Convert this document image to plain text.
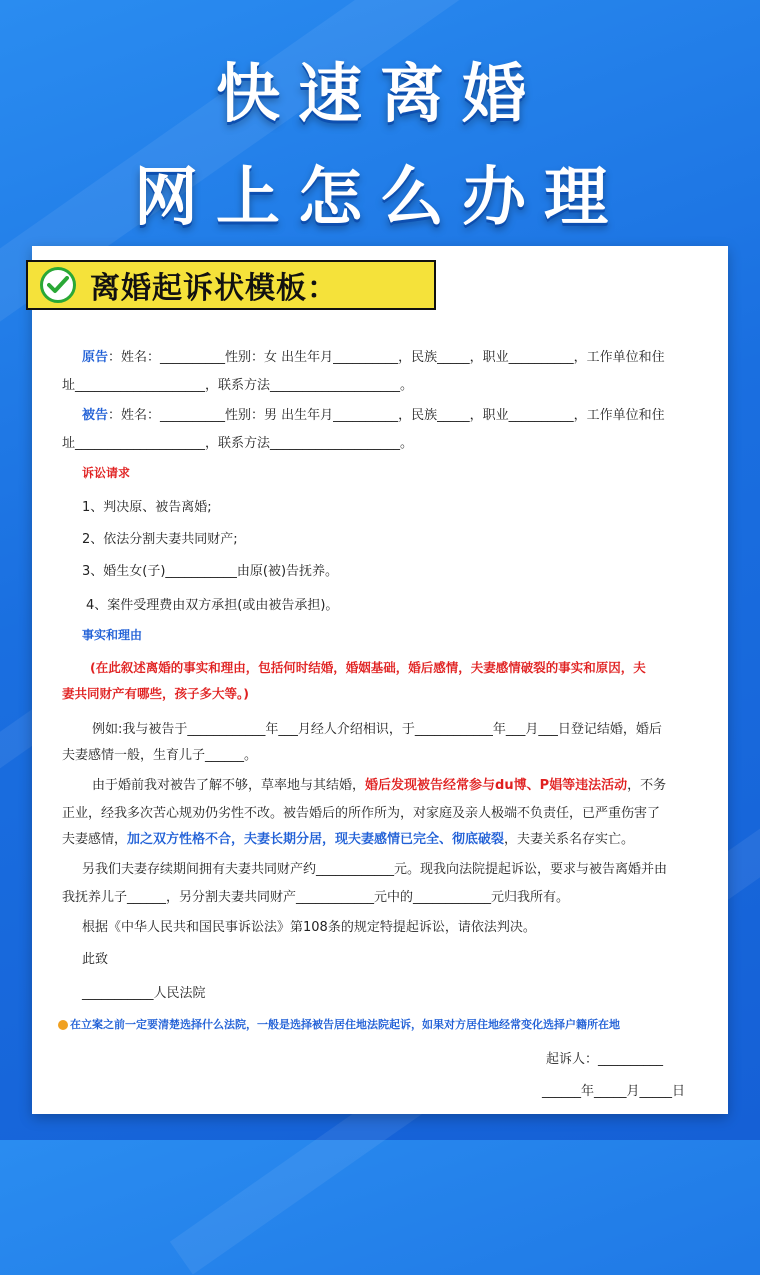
快速离婚
网上怎么办理
离婚起诉状模板：
原告：姓名：__________性别：女 出生年月__________，民族_____，职业__________，工作单位和住
址____________________，联系方法____________________。
被告：姓名：__________性别：男 出生年月__________，民族_____，职业__________，工作单位和住
址____________________，联系方法____________________。
诉讼请求
1、判决原、被告离婚;
2、依法分割夫妻共同财产;
3、婚生女(子)___________由原(被)告抚养。
4、案件受理费由双方承担(或由被告承担)。
事实和理由
(在此叙述离婚的事实和理由，包括何时结婚，婚姻基础，婚后感情，夫妻感情破裂的事实和原因，夫
妻共同财产有哪些，孩子多大等。)
例如:我与被告于____________年___月经人介绍相识，于____________年___月___日登记结婚，婚后
夫妻感情一般，生育儿子______。
由于婚前我对被告了解不够，草率地与其结婚，婚后发现被告经常参与du博、P娼等违法活动，不务
正业，经我多次苦心规劝仍劣性不改。被告婚后的所作所为，对家庭及亲人极端不负责任，已严重伤害了
夫妻感情，加之双方性格不合，夫妻长期分居，现夫妻感情已完全、彻底破裂，夫妻关系名存实亡。
另我们夫妻存续期间拥有夫妻共同财产约____________元。现我向法院提起诉讼，要求与被告离婚并由
我抚养儿子______，另分割夫妻共同财产____________元中的____________元归我所有。
根据《中华人民共和国民事诉讼法》第108条的规定特提起诉讼，请依法判决。
此致
___________人民法院
在立案之前一定要清楚选择什么法院，一般是选择被告居住地法院起诉，如果对方居住地经常变化选择户籍所在地
起诉人：__________
______年_____月_____日
